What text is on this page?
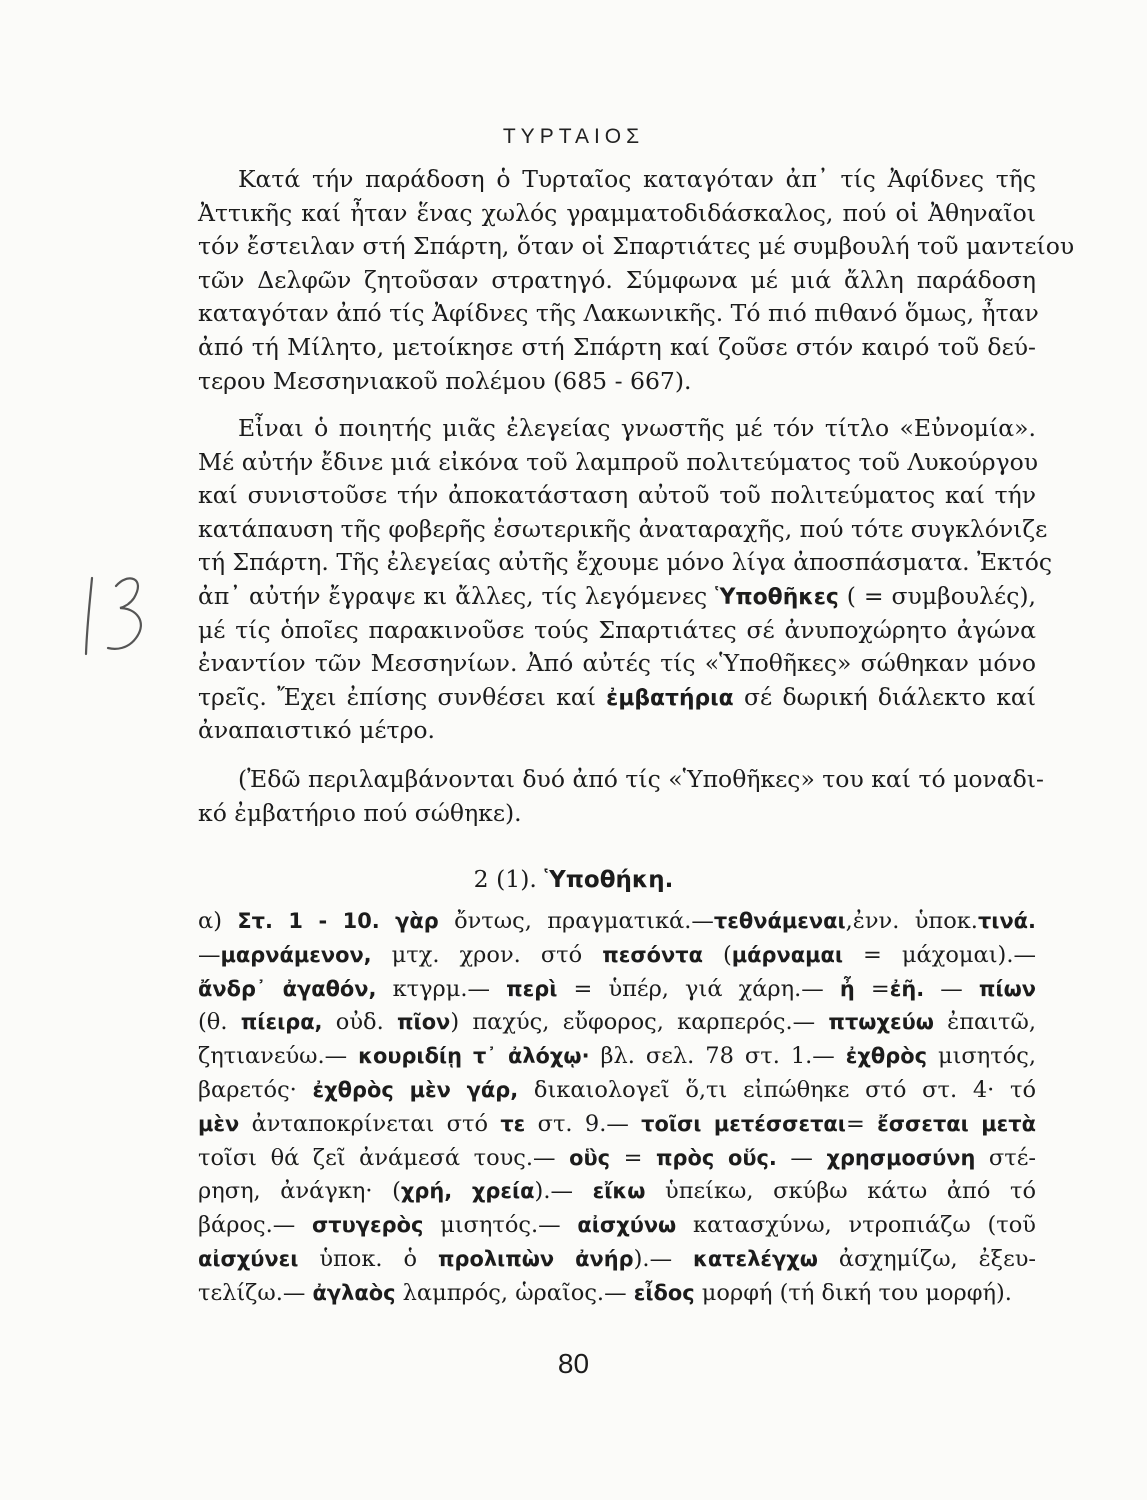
ΤΥΡΤΑΙΟΣ
Κατά τήν παράδοση ὁ Τυρταῖος καταγόταν ἀπ᾽ τίς Ἀφίδνες τῆς
Ἀττικῆς καί ἦταν ἕνας χωλός γραμματοδιδάσκαλος, πού οἱ Ἀθηναῖοι
τόν ἔστειλαν στή Σπάρτη, ὅταν οἱ Σπαρτιάτες μέ συμβουλή τοῦ μαντείου
τῶν Δελφῶν ζητοῦσαν στρατηγό. Σύμφωνα μέ μιά ἄλλη παράδοση
καταγόταν ἀπό τίς Ἀφίδνες τῆς Λακωνικῆς. Τό πιό πιθανό ὅμως, ἦταν
ἀπό τή Μίλητο, μετοίκησε στή Σπάρτη καί ζοῦσε στόν καιρό τοῦ δεύ-
τερου Μεσσηνιακοῦ πολέμου (685 - 667).
Εἶναι ὁ ποιητής μιᾶς ἐλεγείας γνωστῆς μέ τόν τίτλο «Εὐνομία».
Μέ αὐτήν ἔδινε μιά εἰκόνα τοῦ λαμπροῦ πολιτεύματος τοῦ Λυκούργου
καί συνιστοῦσε τήν ἀποκατάσταση αὐτοῦ τοῦ πολιτεύματος καί τήν
κατάπαυση τῆς φοβερῆς ἐσωτερικῆς ἀναταραχῆς, πού τότε συγκλόνιζε
τή Σπάρτη. Τῆς ἐλεγείας αὐτῆς ἔχουμε μόνο λίγα ἀποσπάσματα. Ἐκτός
ἀπ᾽ αὐτήν ἔγραψε κι ἄλλες, τίς λεγόμενες Ὑποθῆκες ( = συμβουλές),
μέ τίς ὁποῖες παρακινοῦσε τούς Σπαρτιάτες σέ ἀνυποχώρητο ἀγώνα
ἐναντίον τῶν Μεσσηνίων. Ἀπό αὐτές τίς «Ὑποθῆκες» σώθηκαν μόνο
τρεῖς. Ἔχει ἐπίσης συνθέσει καί ἐμβατήρια σέ δωρική διάλεκτο καί
ἀναπαιστικό μέτρο.
(Ἐδῶ περιλαμβάνονται δυό ἀπό τίς «Ὑποθῆκες» του καί τό μοναδι-
κό ἐμβατήριο πού σώθηκε).
2 (1). Ὑποθήκη.
α) Στ. 1 - 10. γὰρ ὄντως, πραγματικά.—τεθνάμεναι,ἐνν. ὑποκ.τινά.
—μαρνάμενον, μτχ. χρον. στό πεσόντα (μάρναμαι = μάχομαι).—
ἄνδρ᾽ ἀγαθόν, κτγρμ.— περὶ = ὑπέρ, γιά χάρη.— ἦ =ἐῆ. — πίων
(θ. πίειρα, οὐδ. πῖον) παχύς, εὔφορος, καρπερός.— πτωχεύω ἐπαιτῶ,
ζητιανεύω.— κουριδίῃ τ᾽ ἀλόχῳ· βλ. σελ. 78 στ. 1.— ἐχθρὸς μισητός,
βαρετός· ἐχθρὸς μὲν γάρ, δικαιολογεῖ ὅ,τι εἰπώθηκε στό στ. 4· τό
μὲν ἀνταποκρίνεται στό τε στ. 9.— τοῖσι μετέσσεται= ἔσσεται μετὰ
τοῖσι θά ζεῖ ἀνάμεσά τους.— οὓς = πρὸς οὕς. — χρησμοσύνη στέ-
ρηση, ἀνάγκη· (χρή, χρεία).— εἴκω ὑπείκω, σκύβω κάτω ἀπό τό
βάρος.— στυγερὸς μισητός.— αἰσχύνω κατασχύνω, ντροπιάζω (τοῦ
αἰσχύνει ὑποκ. ὁ προλιπὼν ἀνήρ).— κατελέγχω ἀσχημίζω, ἐξευ-
τελίζω.— ἀγλαὸς λαμπρός, ὡραῖος.— εἶδος μορφή (τή δική του μορφή).
80
